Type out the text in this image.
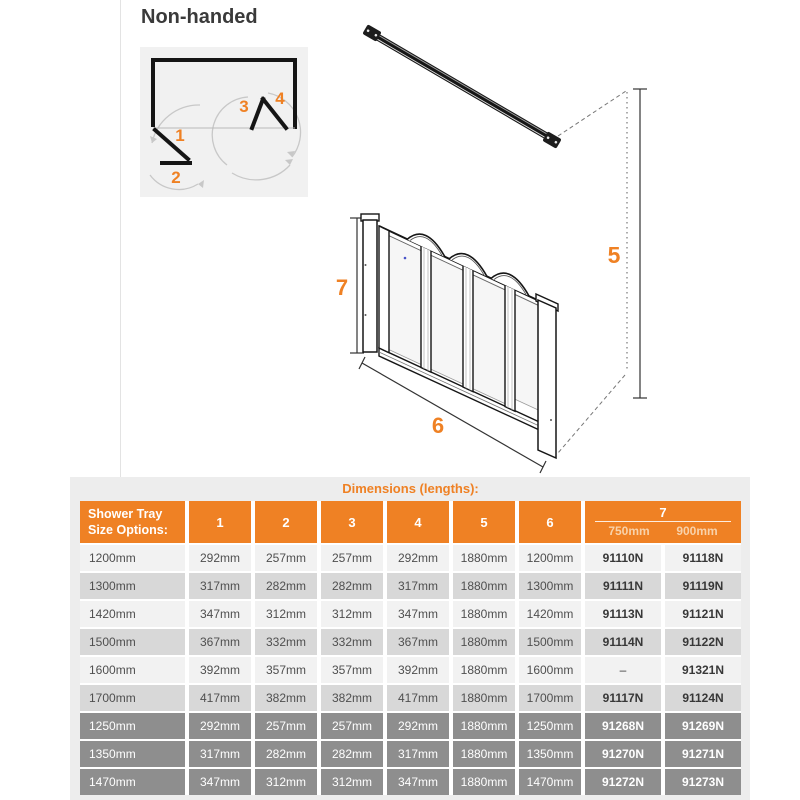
Non-handed
1
2
3 4
5
7
6
Dimensions (lengths):
Shower Tray Size Options:
1	2	3	4	5	6
7
750mm	900mm
1200mm	292mm	257mm	257mm	292mm	1880mm	1200mm	91110N	91118N
1300mm	317mm	282mm	282mm	317mm	1880mm	1300mm	91111N	91119N
1420mm	347mm	312mm	312mm	347mm	1880mm	1420mm	91113N	91121N
1500mm	367mm	332mm	332mm	367mm	1880mm	1500mm	91114N	91122N
1600mm	392mm	357mm	357mm	392mm	1880mm	1600mm	–	91321N
1700mm	417mm	382mm	382mm	417mm	1880mm	1700mm	91117N	91124N
1250mm	292mm	257mm	257mm	292mm	1880mm	1250mm	91268N	91269N
1350mm	317mm	282mm	282mm	317mm	1880mm	1350mm	91270N	91271N
1470mm	347mm	312mm	312mm	347mm	1880mm	1470mm	91272N	91273N
